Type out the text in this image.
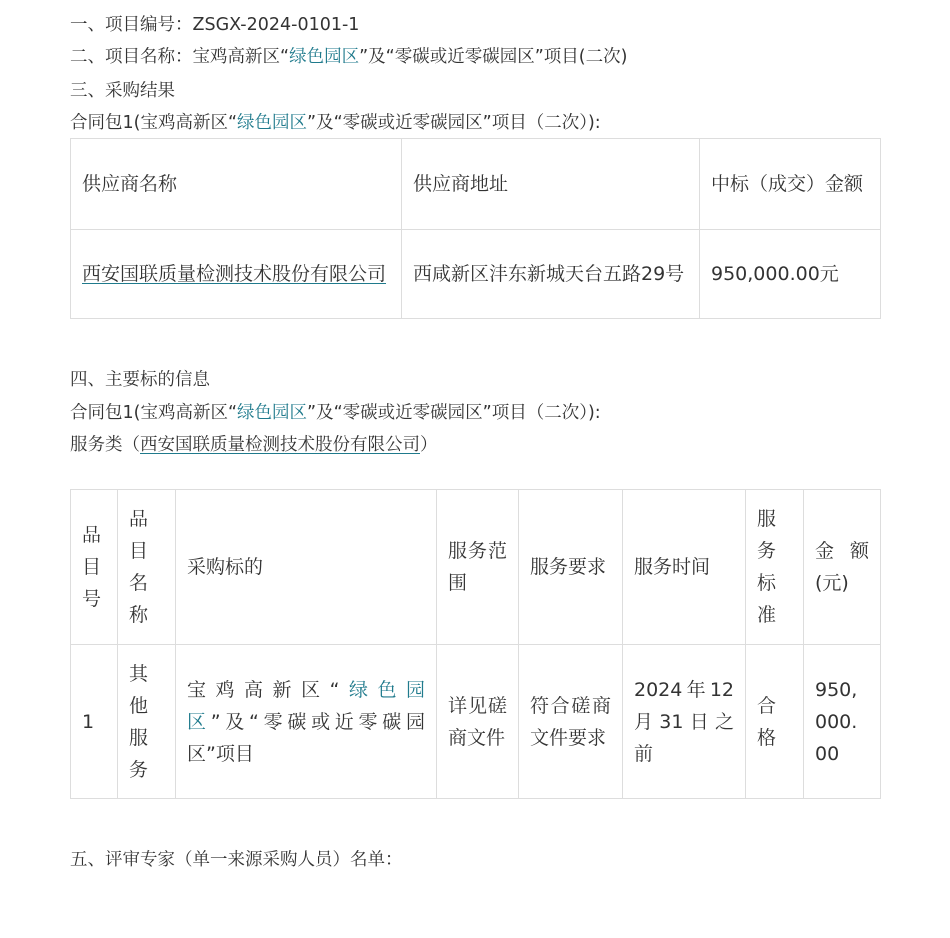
一、项目编号：ZSGX-2024-0101-1
二、项目名称：宝鸡高新区“绿色园区”及“零碳或近零碳园区”项目(二次)
三、采购结果
合同包1(宝鸡高新区“绿色园区”及“零碳或近零碳园区”项目（二次）):
供应商名称	供应商地址	中标（成交）金额
西安国联质量检测技术股份有限公司	西咸新区沣东新城天台五路29号	950,000.00元
四、主要标的信息
合同包1(宝鸡高新区“绿色园区”及“零碳或近零碳园区”项目（二次）):
服务类（西安国联质量检测技术股份有限公司）
品目号	品目名称	采购标的	服务范围	服务要求	服务时间	服务标准	金额(元)
1	其他服务	宝鸡高新区“绿色园区”及“零碳或近零碳园区”项目	详见磋商文件	符合磋商文件要求	2024年12月31日之前	合格	950,000.00
五、评审专家（单一来源采购人员）名单：
